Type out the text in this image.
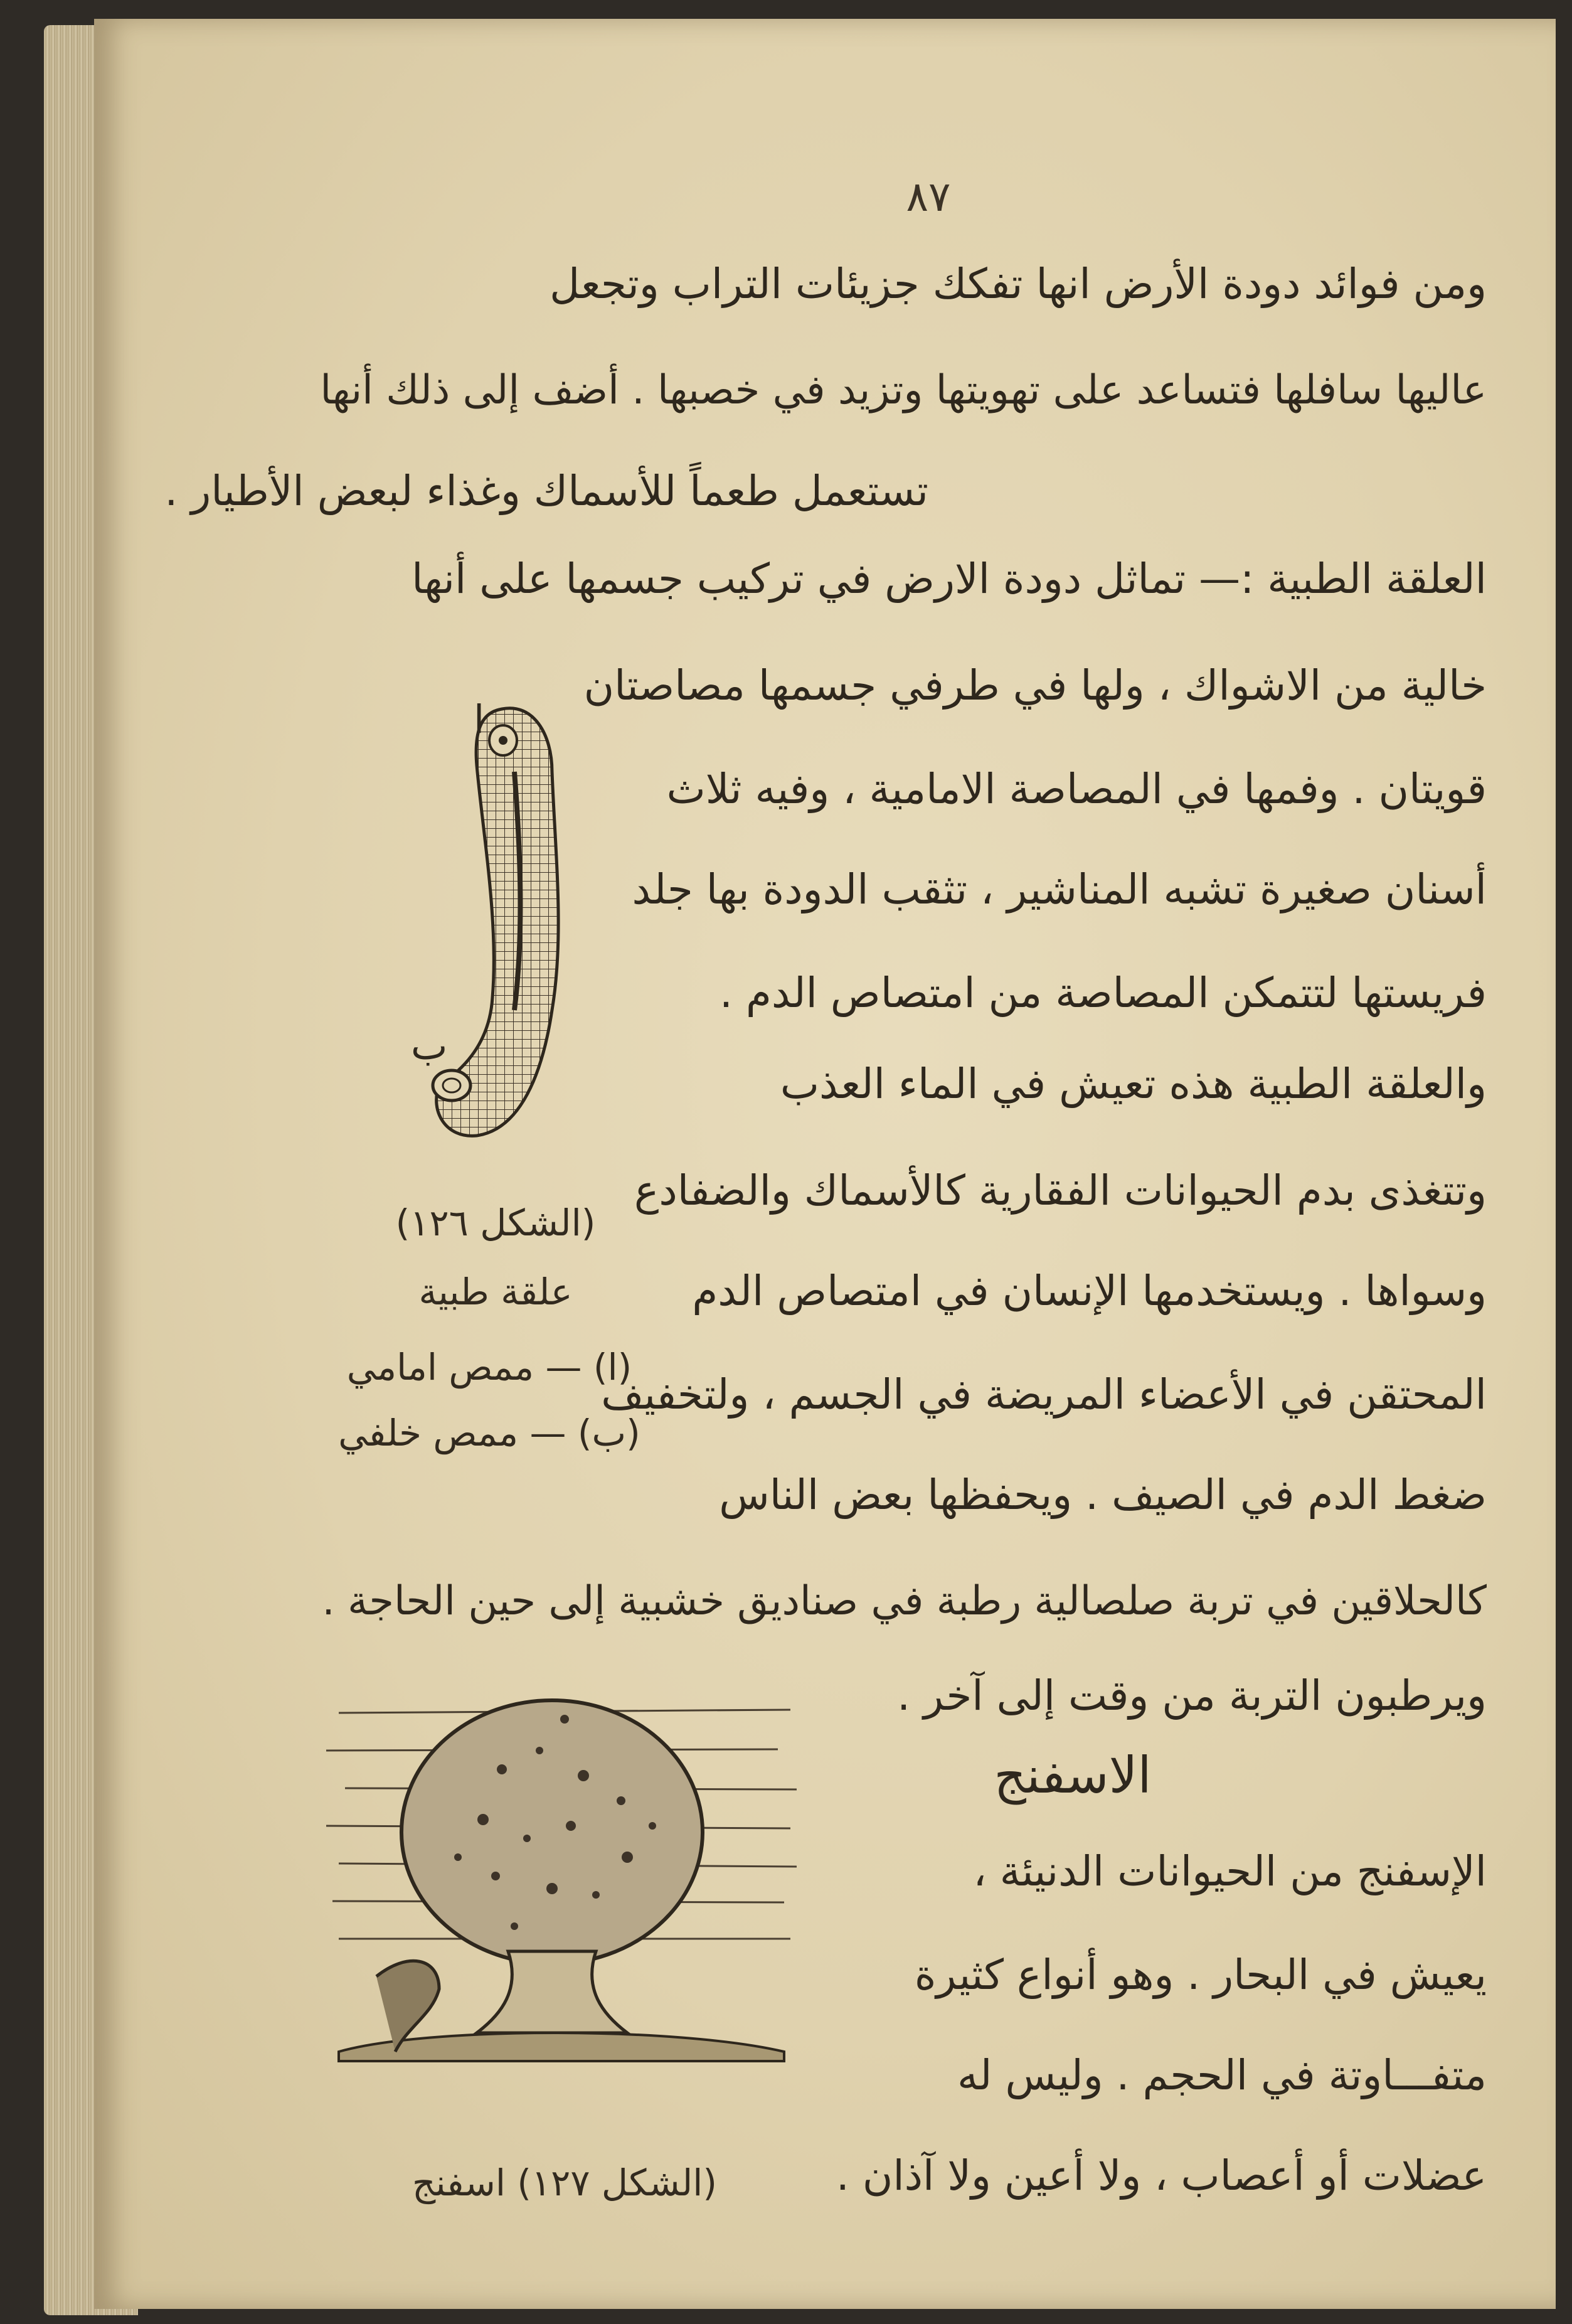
٨٧
ومن فوائد دودة الأرض انها تفكك جزيئات التراب وتجعل
عاليها سافلها فتساعد على تهويتها وتزيد في خصبها . أضف إلى ذلك أنها
تستعمل طعماً للأسماك وغذاء لبعض الأطيار .
العلقة الطبية :— تماثل دودة الارض في تركيب جسمها على أنها
خالية من الاشواك ، ولها في طرفي جسمها مصاصتان
قويتان . وفمها في المصاصة الامامية ، وفيه ثلاث
أسنان صغيرة تشبه المناشير ، تثقب الدودة بها جلد
فريستها لتتمكن المصاصة من امتصاص الدم .
والعلقة الطبية هذه تعيش في الماء العذب
وتتغذى بدم الحيوانات الفقارية كالأسماك والضفادع
وسواها . ويستخدمها الإنسان في امتصاص الدم
المحتقن في الأعضاء المريضة في الجسم ، ولتخفيف
ضغط الدم في الصيف . ويحفظها بعض الناس
كالحلاقين في تربة صلصالية رطبة في صناديق خشبية إلى حين الحاجة .
ويرطبون التربة من وقت إلى آخر .
الاسفنج
الإسفنج من الحيوانات الدنيئة ،
يعيش في البحار . وهو أنواع كثيرة
متفـــاوتة في الحجم . وليس له
عضلات أو أعصاب ، ولا أعين ولا آذان .
ا
ب
(الشكل ١٢٦)
علقة طبية
(ا) — ممص امامي
(ب) — ممص خلفي
(الشكل ١٢٧) اسفنج
